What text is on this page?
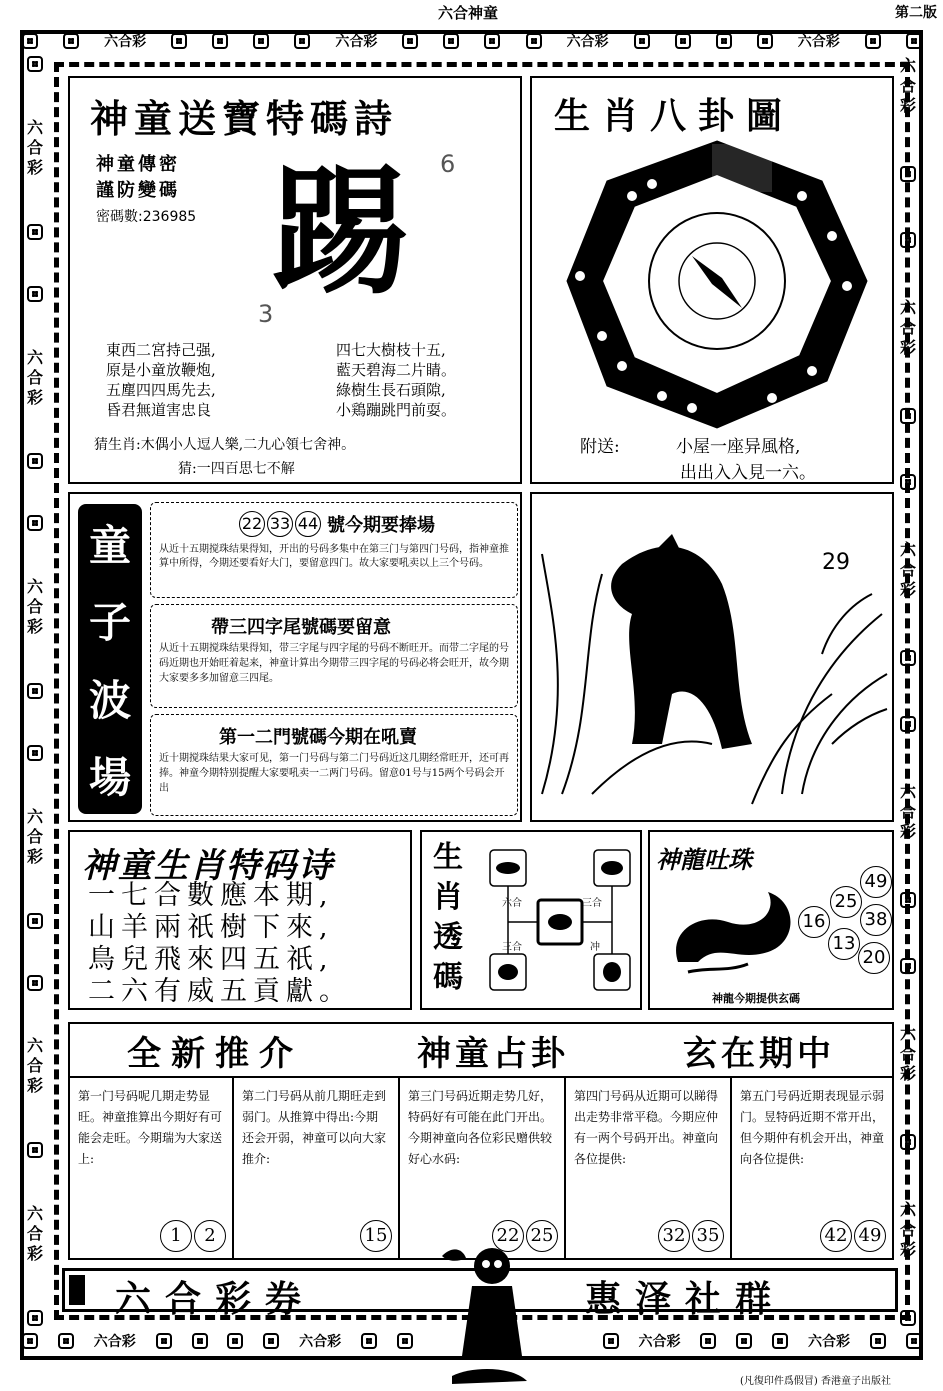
六合神童	第二版
六合彩	六合彩	六合彩	六合彩
六合彩	六合彩	六合彩	六合彩
六
合
彩
六
合
彩
六
合
彩
六
合
彩
六
合
彩
六
合
彩
六
合
彩
六
合
彩
六
合
彩
六
合
彩
六
合
彩
六
合
彩
神童送寶特碼詩
神童傳密
謹防變碼
密碼數:236985 踢 6
3
東西二宮持己强,
原是小童放鞭炮,
五塵四四馬先去,
昏君無道害忠良
四七大樹枝十五,
藍天碧海二片睛。
綠樹生長石頭隙,
小鶏蹦跳門前耍。
猜生肖:木偶小人逗人樂,二九心領七舍神。
猜:一四百思七不解
生肖八卦圖
附送:	小屋一座异風格,
出出入入見一六。
童
子
波
場
22 33 44 號今期要捧場
从近十五期搅珠结果得知，开出的号码多集中在第三门与第四门号码，指神童推算中所得，今期还要看好大门，要留意四门。故大家要吼卖以上三个号码。
帶三四字尾號碼要留意
从近十五期搅珠结果得知，带三字尾与四字尾的号码不断旺开。而带二字尾的号码近期也开始旺着起来，神童计算出今期带三四字尾的号码必将会旺开，故今期大家要多多加留意三四尾。
第一二門號碼今期在吼賣
近十期搅珠结果大家可见，第一门号码与第二门号码近这几期经常旺开，还可再捧。神童今期特别提醒大家要吼卖一二两门号码。留意01号与15两个号码会开出
29
神童生肖特码诗
一七合數應本期,
山羊兩祇樹下來,
鳥兒飛來四五祇,
二六有威五貢獻。
生
肖
透
碼
六合	三合
三合	冲
神龍吐珠
49
25
38
16
13
20
神龍今期提供玄碼
全新推介	神童占卦	玄在期中
第一门号码呢几期走势显旺。神童推算出今期好有可能会走旺。今期瑞为大家送上:
1	2
第二门号码从前几期旺走到弱门。从推算中得出:今期还会开弱，神童可以向大家推介:
15
第三门号码近期走势几好，特码好有可能在此门开出。今期神童向各位彩民赠供较好心水码:
22 25
第四门号码从近期可以睇得出走势非常平稳。今期应仲有一两个号码开出。神童向各位提供:
32 35
第五门号码近期表现显示弱门。昱特码近期不常开出，但今期仲有机会开出，神童向各位提供:
42 49
六合彩券	惠泽社群
(凡復印件爲假冒) 香港童子出版社
